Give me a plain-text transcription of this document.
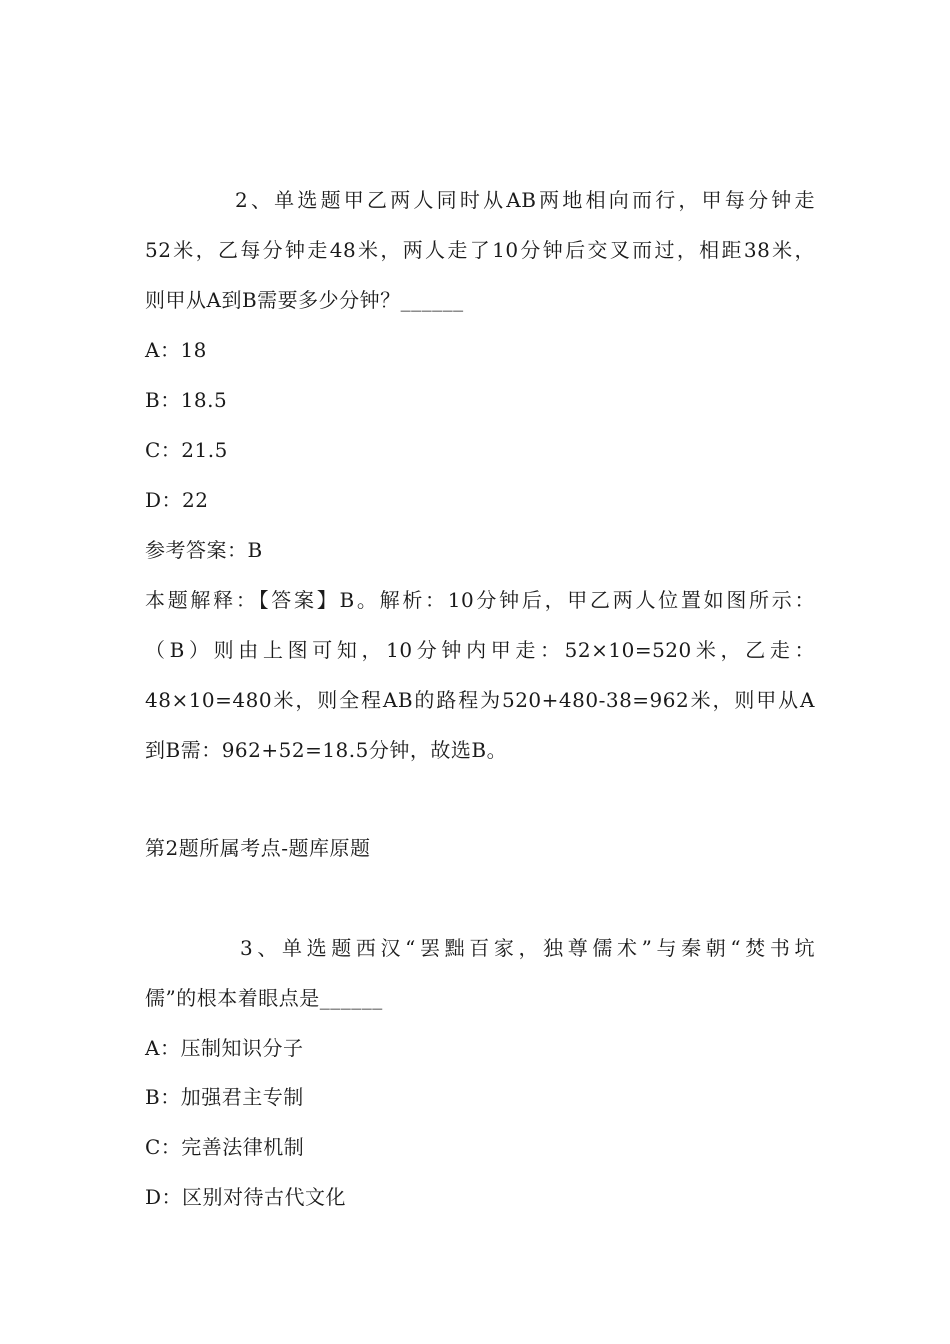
2、单选题甲乙两人同时从AB两地相向而行，甲每分钟走
52米，乙每分钟走48米，两人走了10分钟后交叉而过，相距38米，
则甲从A到B需要多少分钟？______
A：18
B：18.5
C：21.5
D：22
参考答案：B
本题解释：【答案】B。解析：10分钟后，甲乙两人位置如图所示：
（B）则由上图可知，10分钟内甲走：52×10=520米，乙走：
48×10=480米，则全程AB的路程为520+480-38=962米，则甲从A
到B需：962+52=18.5分钟，故选B。
第2题所属考点-题库原题
3、单选题西汉“罢黜百家，独尊儒术”与秦朝“焚书坑
儒”的根本着眼点是______
A：压制知识分子
B：加强君主专制
C：完善法律机制
D：区别对待古代文化
